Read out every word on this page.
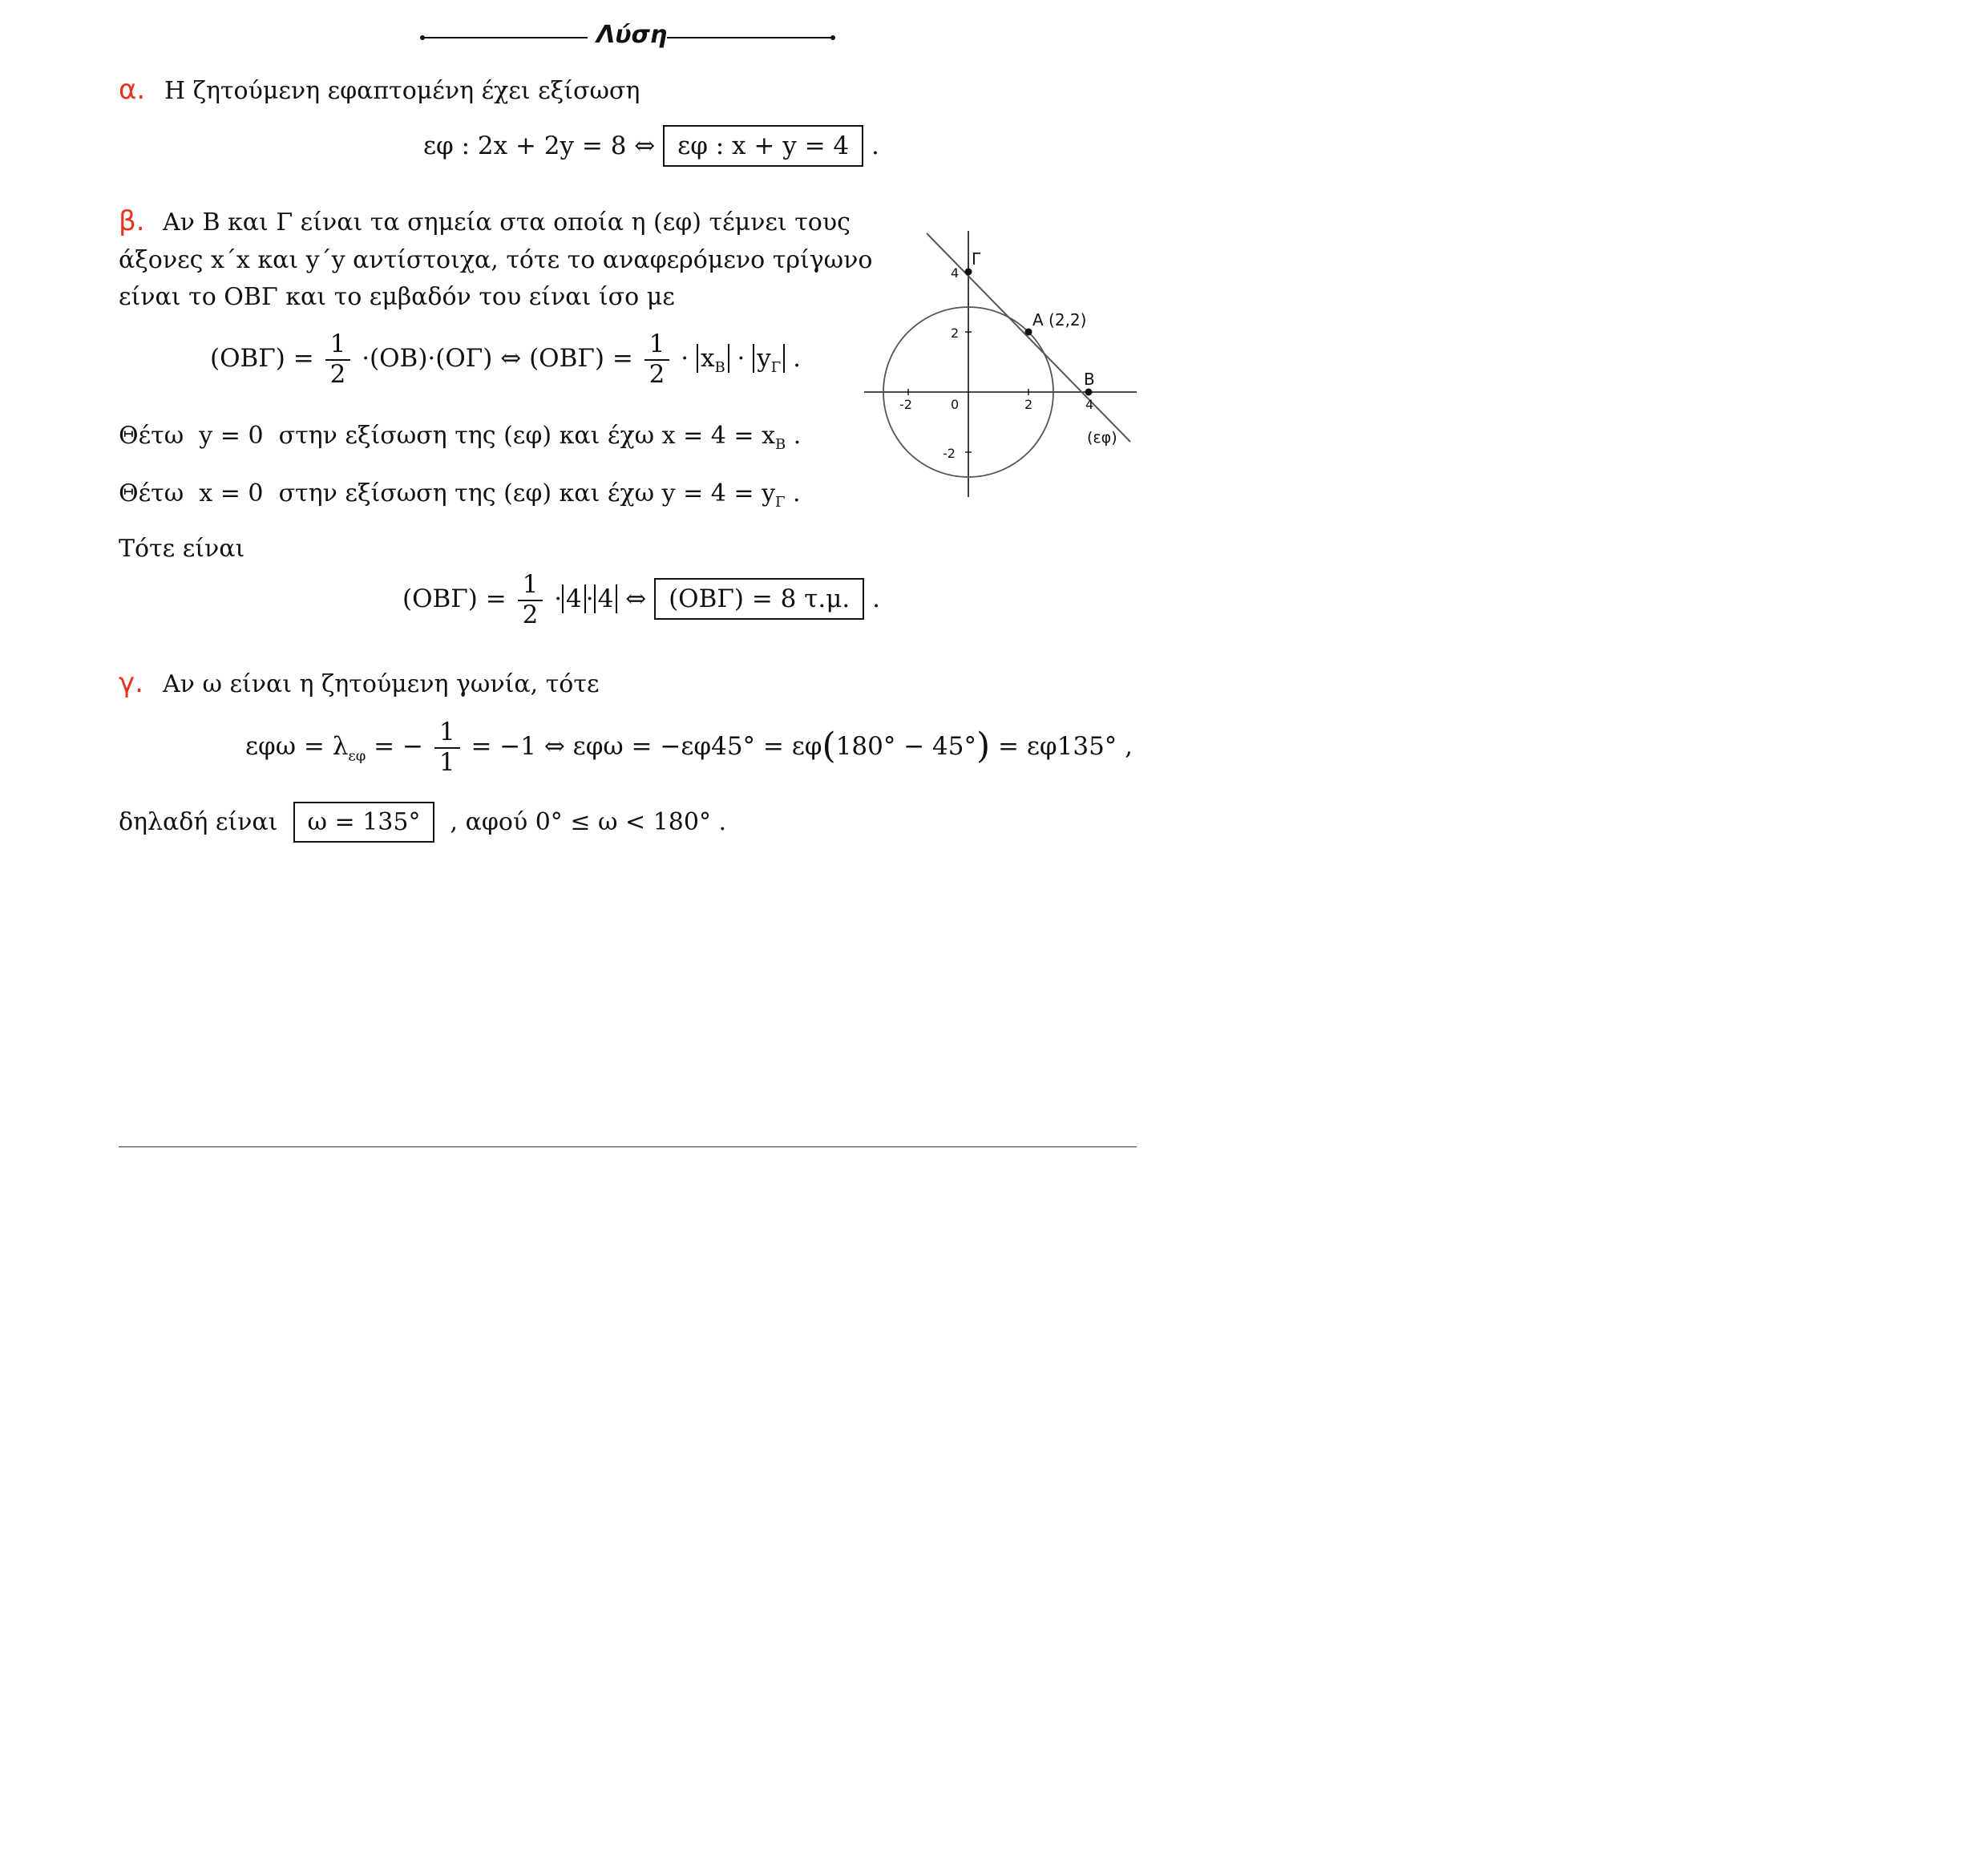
Λύση
α. Η ζητούμενη εφαπτομένη έχει εξίσωση
εφ : 2x + 2y = 8 ⇔ εφ : x + y = 4 .
β. Αν Β και Γ είναι τα σημεία στα οποία η (εφ) τέμνει τους
άξονες x΄x και y΄y αντίστοιχα, τότε το αναφερόμενο τρίγωνο
είναι το ΟΒΓ και το εμβαδόν του είναι ίσο με
$(OB\Gamma) = \frac{1}{2} \cdot(OB)\cdot(O\Gamma)$ ⇔ $(OB\Gamma) = \frac{1}{2} \cdot x_B \cdot y_\Gamma$ .
Θέτω y = 0 στην εξίσωση της (εφ) και έχω $x = 4 = x_B$ .
Θέτω x = 0 στην εξίσωση της (εφ) και έχω $y = 4 = y_\Gamma$ .
Τότε είναι
$(OB\Gamma) = \frac{1}{2} \cdot 4 \cdot 4$ ⇔ (ΟΒΓ) = 8 τ.μ. .
γ. Αν ω είναι η ζητούμενη γωνία, τότε
$\varepsilon\varphi\omega = \lambda_{\varepsilon\varphi}$ = − $\frac{1}{1} = -1$ ⇔ εφω = −εφ45° = εφ(180° − 45°) = εφ135° ,
δηλαδή είναι ω = 135° , αφού 0° ≤ ω < 180° .
-2	0	2	4
4
2
-2
A (2,2)
B
Γ
(εφ)
